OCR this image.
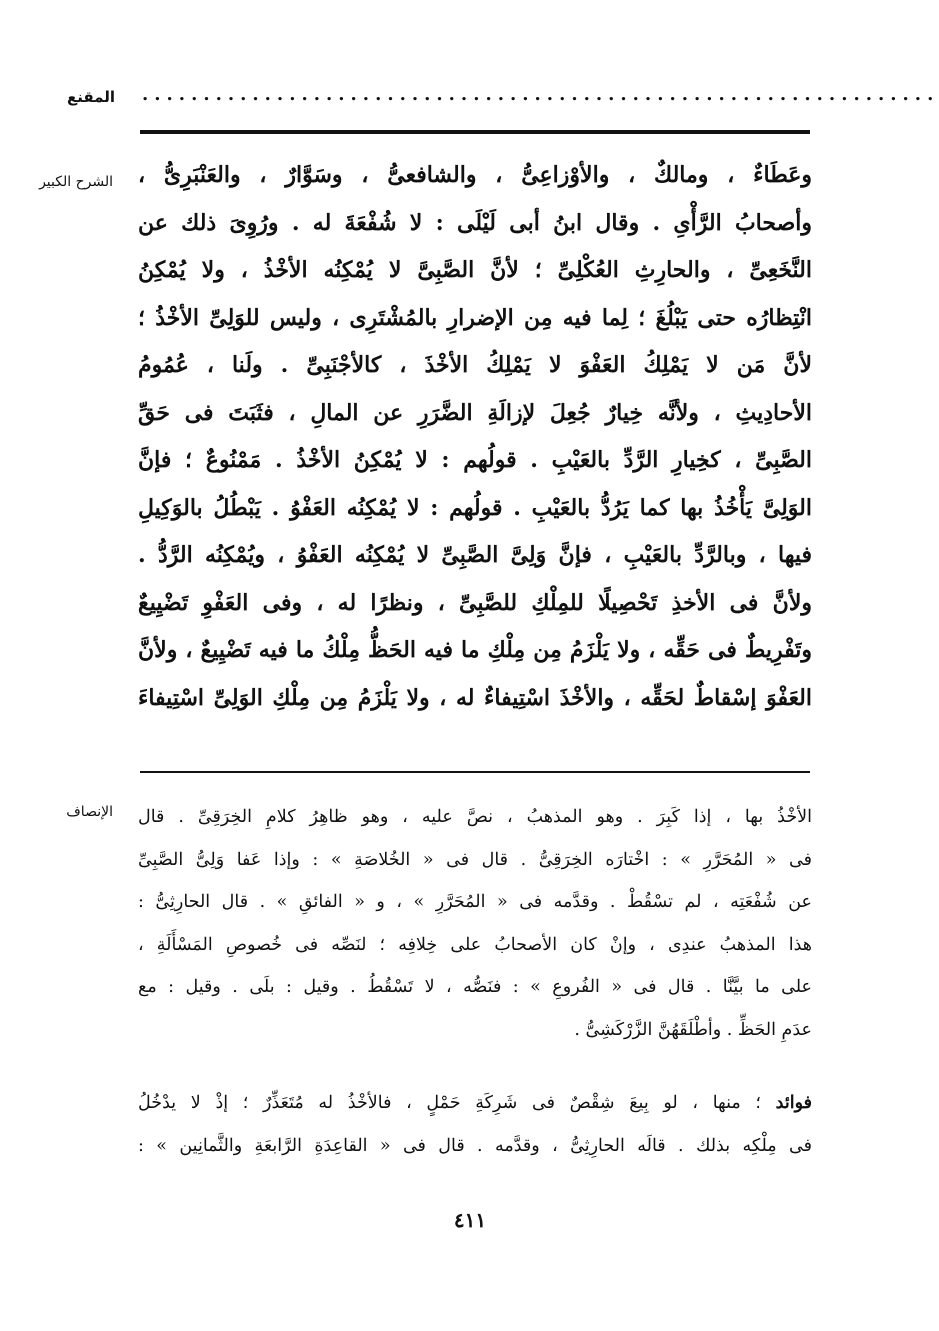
المقنع .................................................................
الشرح الكبير وعَطَاءٌ ، ومالكٌ ، والأوْزاعِىُّ ، والشافعىُّ ، وسَوَّارٌ ، والعَنْبَرِىُّ ،
وأصحابُ الرَّأْىِ . وقال ابنُ أبى لَيْلَى : لا شُفْعَةَ له . ورُوِىَ ذلك عن
النَّخَعِىِّ ، والحارِثِ العُكْلِىِّ ؛ لأنَّ الصَّبِىَّ لا يُمْكِنُه الأخْذُ ، ولا يُمْكِنُ
انْتِظارُه حتى يَبْلُغَ ؛ لِما فيه مِن الإضرارِ بالمُشْتَرِى ، وليس للوَلِىِّ الأخْذُ ؛
لأنَّ مَن لا يَمْلِكُ العَفْوَ لا يَمْلِكُ الأخْذَ ، كالأجْنَبِىِّ . ولَنا ، عُمُومُ
الأحادِيثِ ، ولأنَّه خِيارٌ جُعِلَ لإزالَةِ الضَّرَرِ عن المالِ ، فثَبَتَ فى حَقِّ
الصَّبِىِّ ، كخِيارِ الرَّدِّ بالعَيْبِ . قولُهم : لا يُمْكِنُ الأخْذُ . مَمْنُوعٌ ؛ فإنَّ
الوَلِىَّ يَأْخُذُ بها كما يَرُدُّ بالعَيْبِ . قولُهم : لا يُمْكِنُه العَفْوُ . يَبْطُلُ بالوَكِيلِ
فيها ، وبالرَّدِّ بالعَيْبِ ، فإنَّ وَلِىَّ الصَّبِىِّ لا يُمْكِنُه العَفْوُ ، ويُمْكِنُه الرَّدُّ .
ولأنَّ فى الأخذِ تَحْصِيلًا للمِلْكِ للصَّبِىِّ ، ونظرًا له ، وفى العَفْوِ تَضْيِيعٌ
وتَفْرِيطٌ فى حَقِّه ، ولا يَلْزَمُ مِن مِلْكِ ما فيه الحَظُّ مِلْكُ ما فيه تَضْيِيعٌ ، ولأنَّ
العَفْوَ إسْقاطٌ لحَقِّه ، والأخْذَ اسْتِيفاءٌ له ، ولا يَلْزَمُ مِن مِلْكِ الوَلِىِّ اسْتِيفاءَ
الإنصاف الأخْذُ بها ، إذا كَبِرَ . وهو المذهبُ ، نصَّ عليه ، وهو ظاهِرُ كلامِ الخِرَقِىِّ . قال
فى « المُحَرَّرِ » : اخْتارَه الخِرَقِىُّ . قال فى « الخُلاصَةِ » : وإذا عَفا وَلِىُّ الصَّبِىِّ
عن شُفْعَتِه ، لم تسْقُطْ . وقدَّمه فى « المُحَرَّرِ » ، و « الفائقِ » . قال الحارِثِىُّ :
هذا المذهبُ عندِى ، وإنْ كان الأصحابُ على خِلافِه ؛ لنَصِّه فى خُصوصِ المَسْأَلَةِ ،
على ما بيَّنَّا . قال فى « الفُروعِ » : فنَصُّه ، لا تَسْقُطُ . وقيل : بلَى . وقيل : مع
عدَمِ الحَظِّ . وأطْلَقَهُنَّ الزَّرْكَشِىُّ .
فوائد ؛ منها ، لو بِيعَ شِقْصٌ فى شَرِكَةِ حَمْلٍ ، فالأخْذُ له مُتَعَذِّرٌ ؛ إذْ لا يدْخُلُ
فى مِلْكِه بذلك . قالَه الحارِثِىُّ ، وقدَّمه . قال فى « القاعِدَةِ الرَّابعَةِ والثَّمانِين » :
٤١١
